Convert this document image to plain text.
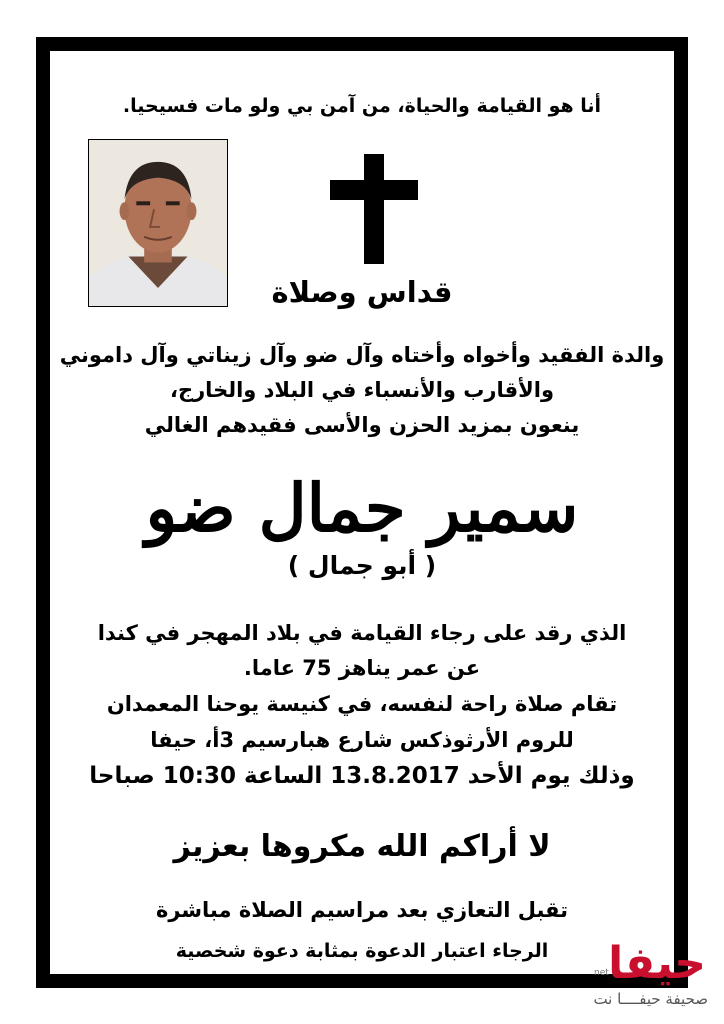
أنا هو القيامة والحياة، من آمن بي ولو مات فسيحيا.
قداس وصلاة
والدة الفقيد وأخواه وأختاه وآل ضو وآل زيناتي وآل داموني
والأقارب والأنسباء في البلاد والخارج،
ينعون بمزيد الحزن والأسى فقيدهم الغالي
سمير جمال ضو
( أبو جمال )
الذي رقد على رجاء القيامة في بلاد المهجر في كندا
عن عمر يناهز 75 عاما.
تقام صلاة راحة لنفسه، في كنيسة يوحنا المعمدان
للروم الأرثوذكس شارع هبارسيم 3أ، حيفا
وذلك يوم الأحد 13.8.2017 الساعة 10:30 صباحا
لا أراكم الله مكروها بعزيز
تقبل التعازي بعد مراسيم الصلاة مباشرة
الرجاء اعتبار الدعوة بمثابة دعوة شخصية	حيفا
net
صحيفة حيفــــا نت
